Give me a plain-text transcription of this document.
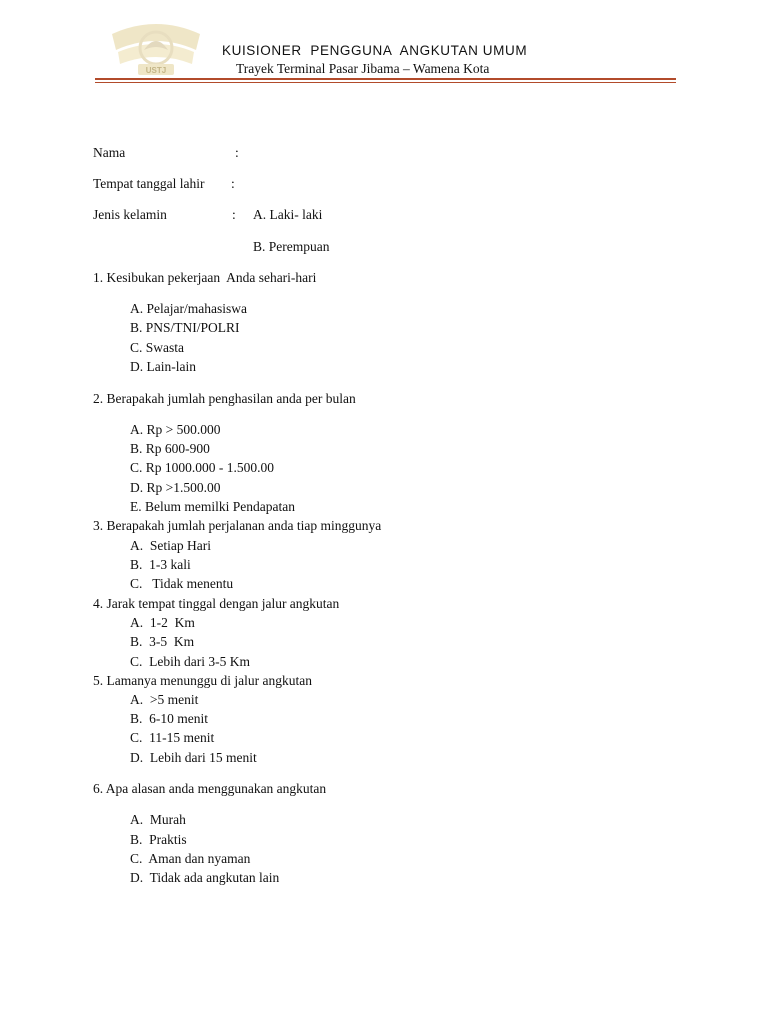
USTJ
KUISIONER  PENGGUNA  ANGKUTAN UMUM
Trayek Terminal Pasar Jibama – Wamena Kota
Nama	:
Tempat tanggal lahir :
Jenis kelamin	: A. Laki- laki
B. Perempuan
1. Kesibukan pekerjaan  Anda sehari-hari
A. Pelajar/mahasiswa
B. PNS/TNI/POLRI
C. Swasta
D. Lain-lain
2. Berapakah jumlah penghasilan anda per bulan
A. Rp > 500.000
B. Rp 600-900
C. Rp 1000.000 - 1.500.00
D. Rp >1.500.00
E. Belum memilki Pendapatan
3. Berapakah jumlah perjalanan anda tiap minggunya
A.  Setiap Hari
B.  1-3 kali
C.   Tidak menentu
4. Jarak tempat tinggal dengan jalur angkutan
A.  1-2  Km
B.  3-5  Km
C.  Lebih dari 3-5 Km
5. Lamanya menunggu di jalur angkutan
A.  >5 menit
B.  6-10 menit
C.  11-15 menit
D.  Lebih dari 15 menit
6. Apa alasan anda menggunakan angkutan
A.  Murah
B.  Praktis
C.  Aman dan nyaman
D.  Tidak ada angkutan lain
